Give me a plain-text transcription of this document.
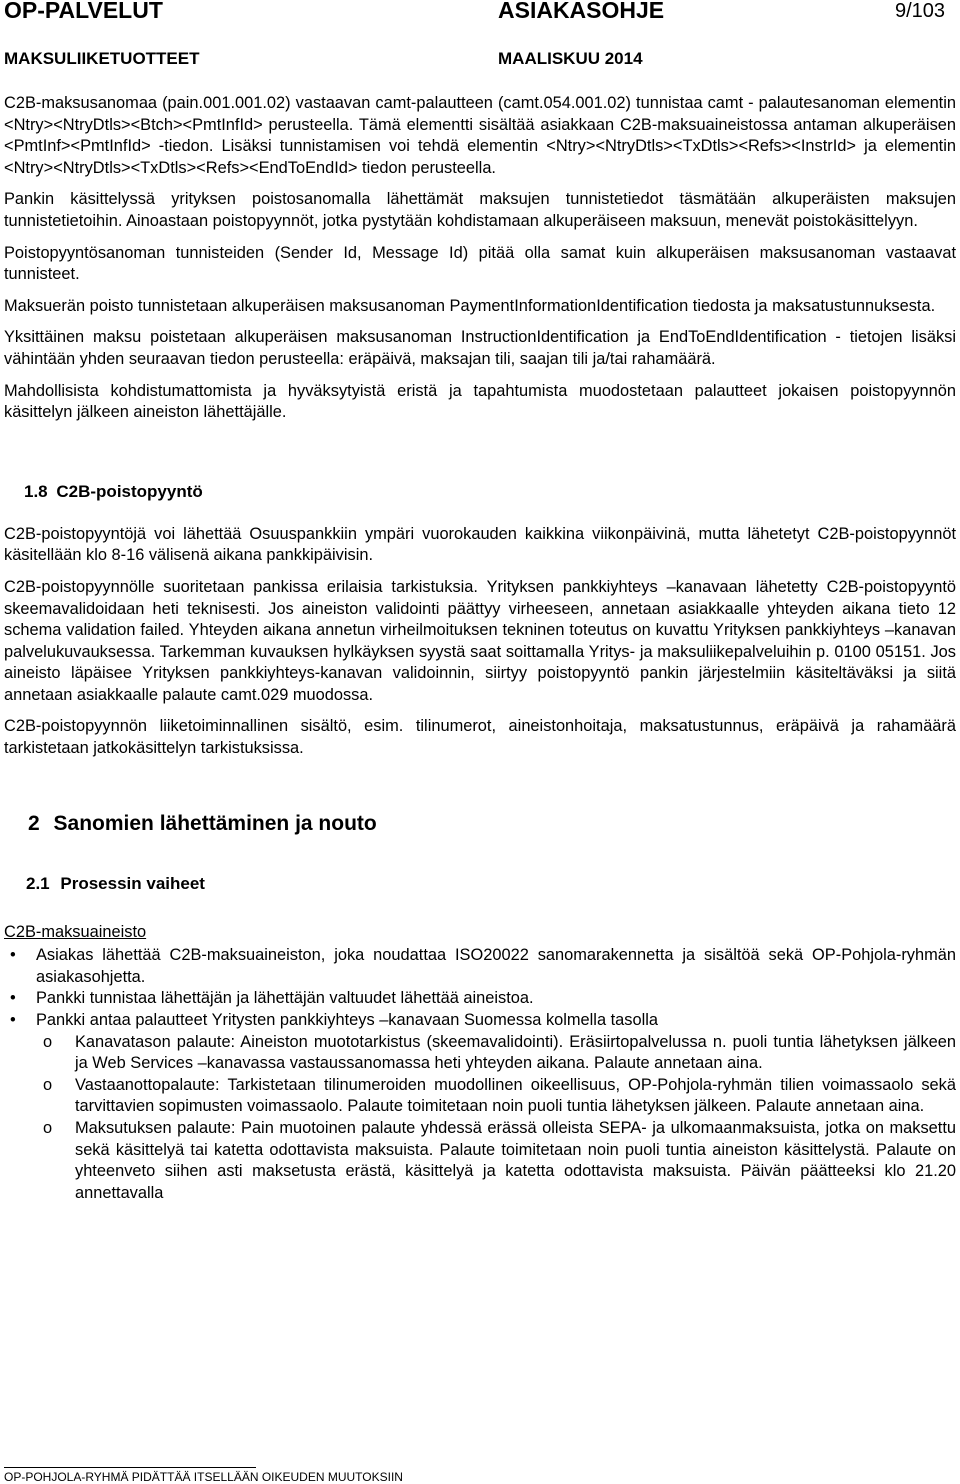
OP-PALVELUT	ASIAKASOHJE	9/103
MAKSULIIKETUOTTEET	MAALISKUU 2014

C2B-maksusanomaa (pain.001.001.02) vastaavan camt-palautteen (camt.054.001.02) tunnistaa camt - palautesanoman elementin <Ntry><NtryDtls><Btch><PmtInfId> perusteella. Tämä elementti sisältää asiakkaan C2B-maksuaineistossa antaman alkuperäisen <PmtInf><PmtInfId> -tiedon. Lisäksi tunnistamisen voi tehdä elementin <Ntry><NtryDtls><TxDtls><Refs><InstrId> ja elementin <Ntry><NtryDtls><TxDtls><Refs><EndToEndId> tiedon perusteella.

Pankin käsittelyssä yrityksen poistosanomalla lähettämät maksujen tunnistetiedot täsmätään alkuperäisten maksujen tunnistetietoihin. Ainoastaan poistopyynnöt, jotka pystytään kohdistamaan alkuperäiseen maksuun, menevät poistokäsittelyyn.

Poistopyyntösanoman tunnisteiden (Sender Id, Message Id) pitää olla samat kuin alkuperäisen maksusanoman vastaavat tunnisteet.

Maksuerän poisto tunnistetaan alkuperäisen maksusanoman PaymentInformationIdentification tiedosta ja maksatustunnuksesta.

Yksittäinen maksu poistetaan alkuperäisen maksusanoman InstructionIdentification ja EndToEndIdentification - tietojen lisäksi vähintään yhden seuraavan tiedon perusteella: eräpäivä, maksajan tili, saajan tili ja/tai rahamäärä.

Mahdollisista kohdistumattomista ja hyväksytyistä eristä ja tapahtumista muodostetaan palautteet jokaisen poistopyynnön käsittelyn jälkeen aineiston lähettäjälle.

1.8 C2B-poistopyyntö

C2B-poistopyyntöjä voi lähettää Osuuspankkiin ympäri vuorokauden kaikkina viikonpäivinä, mutta lähetetyt C2B-poistopyynnöt käsitellään klo 8-16 välisenä aikana pankkipäivisin.

C2B-poistopyynnölle suoritetaan pankissa erilaisia tarkistuksia. Yrityksen pankkiyhteys –kanavaan lähetetty C2B-poistopyyntö skeemavalidoidaan heti teknisesti. Jos aineiston validointi päättyy virheeseen, annetaan asiakkaalle yhteyden aikana tieto 12 schema validation failed. Yhteyden aikana annetun virheilmoituksen tekninen toteutus on kuvattu Yrityksen pankkiyhteys –kanavan palvelukuvauksessa. Tarkemman kuvauksen hylkäyksen syystä saat soittamalla Yritys- ja maksuliikepalveluihin p. 0100 05151. Jos aineisto läpäisee Yrityksen pankkiyhteys-kanavan validoinnin, siirtyy poistopyyntö pankin järjestelmiin käsiteltäväksi ja siitä annetaan asiakkaalle palaute camt.029 muodossa.

C2B-poistopyynnön liiketoiminnallinen sisältö, esim. tilinumerot, aineistonhoitaja, maksatustunnus, eräpäivä ja rahamäärä tarkistetaan jatkokäsittelyn tarkistuksissa.

2 Sanomien lähettäminen ja nouto
2.1 Prosessin vaiheet
C2B-maksuaineisto
• Asiakas lähettää C2B-maksuaineiston, joka noudattaa ISO20022 sanomarakennetta ja sisältöä sekä OP-Pohjola-ryhmän asiakasohjetta.
• Pankki tunnistaa lähettäjän ja lähettäjän valtuudet lähettää aineistoa.
• Pankki antaa palautteet Yritysten pankkiyhteys –kanavaan Suomessa kolmella tasolla
o Kanavatason palaute: Aineiston muototarkistus (skeemavalidointi). Eräsiirtopalvelussa n. puoli tuntia lähetyksen jälkeen ja Web Services –kanavassa vastaussanomassa heti yhteyden aikana. Palaute annetaan aina.
o Vastaanottopalaute: Tarkistetaan tilinumeroiden muodollinen oikeellisuus, OP-Pohjola-ryhmän tilien voimassaolo sekä tarvittavien sopimusten voimassaolo. Palaute toimitetaan noin puoli tuntia lähetyksen jälkeen. Palaute annetaan aina.
o Maksutuksen palaute: Pain muotoinen palaute yhdessä erässä olleista SEPA- ja ulkomaanmaksuista, jotka on maksettu sekä käsittelyä tai katetta odottavista maksuista. Palaute toimitetaan noin puoli tuntia aineiston käsittelystä. Palaute on yhteenveto siihen asti maksetusta erästä, käsittelyä ja katetta odottavista maksuista. Päivän päätteeksi klo 21.20 annettavalla
OP-POHJOLA-RYHMÄ PIDÄTTÄÄ ITSELLÄÄN OIKEUDEN MUUTOKSIIN
